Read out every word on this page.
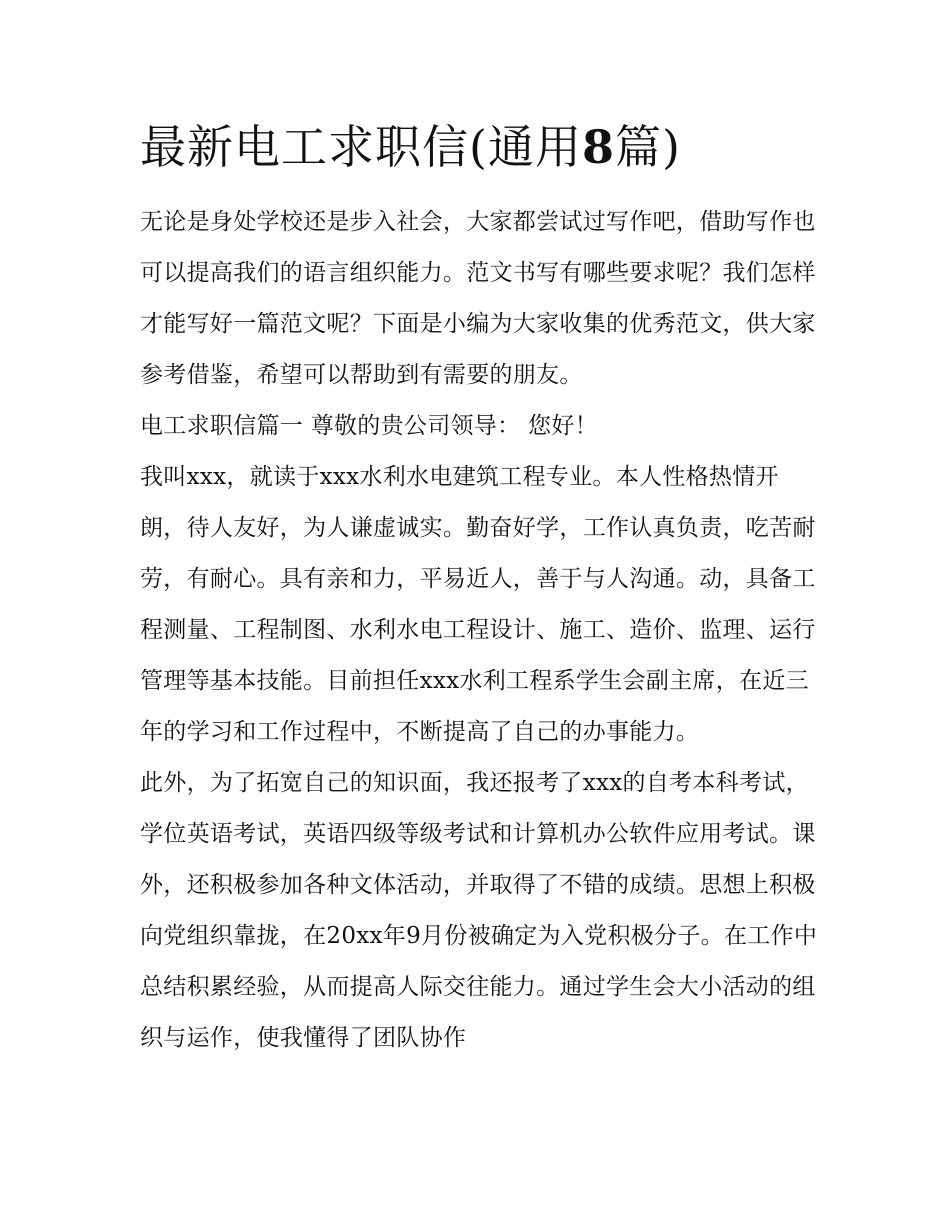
最新电工求职信(通用8篇)

无论是身处学校还是步入社会，大家都尝试过写作吧，借助写作也可以提高我们的语言组织能力。范文书写有哪些要求呢？我们怎样才能写好一篇范文呢？下面是小编为大家收集的优秀范文，供大家参考借鉴，希望可以帮助到有需要的朋友。

电工求职信篇一 尊敬的贵公司领导： 您好！

我叫xxx，就读于xxx水利水电建筑工程专业。本人性格热情开朗，待人友好，为人谦虚诚实。勤奋好学，工作认真负责，吃苦耐劳，有耐心。具有亲和力，平易近人，善于与人沟通。动，具备工程测量、工程制图、水利水电工程设计、施工、造价、监理、运行管理等基本技能。目前担任xxx水利工程系学生会副主席，在近三年的学习和工作过程中，不断提高了自己的办事能力。

此外，为了拓宽自己的知识面，我还报考了xxx的自考本科考试，学位英语考试，英语四级等级考试和计算机办公软件应用考试。课外，还积极参加各种文体活动，并取得了不错的成绩。思想上积极向党组织靠拢，在20xx年9月份被确定为入党积极分子。在工作中总结积累经验，从而提高人际交往能力。通过学生会大小活动的组织与运作，使我懂得了团队协作
